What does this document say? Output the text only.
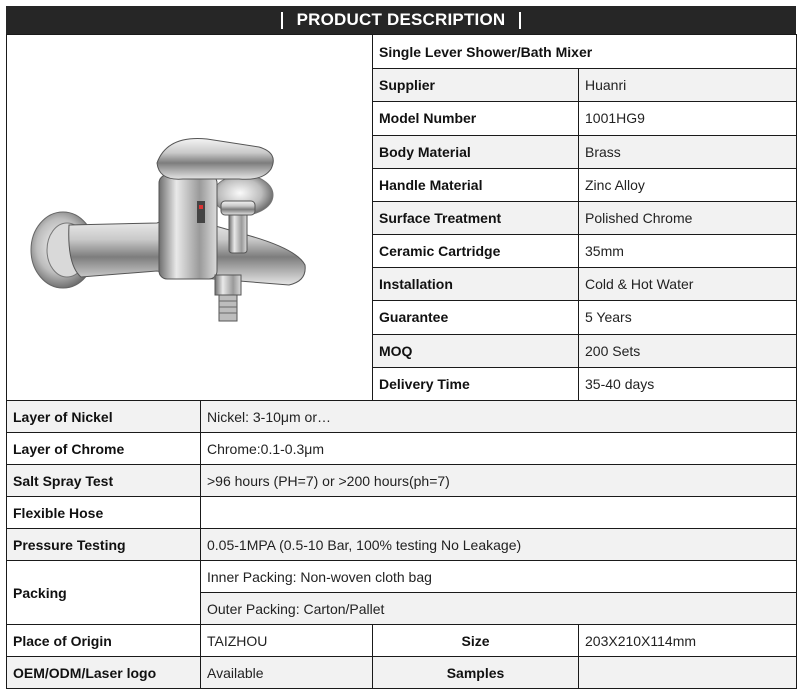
PRODUCT DESCRIPTION
	Single Lever Shower/Bath Mixer	
		Supplier	Huanri
		Model Number	1001HG9
		Body Material	Brass
		Handle Material	Zinc Alloy
		Surface Treatment	Polished Chrome
		Ceramic Cartridge	35mm
		Installation	Cold & Hot Water
		Guarantee	5 Years
		MOQ	200 Sets
		Delivery Time	35-40 days
Layer of Nickel	Nickel: 3-10μm or…		
Layer of Chrome	Chrome:0.1-0.3μm		
Salt Spray Test	>96 hours (PH=7) or >200 hours(ph=7)		
Flexible Hose			
Pressure Testing	0.05-1MPA (0.5-10 Bar, 100% testing No Leakage)		
Packing	Inner Packing: Non-woven cloth bag		
	Outer Packing: Carton/Pallet		
Place of Origin	TAIZHOU	Size	203X210X114mm
OEM/ODM/Laser logo	Available	Samples	
